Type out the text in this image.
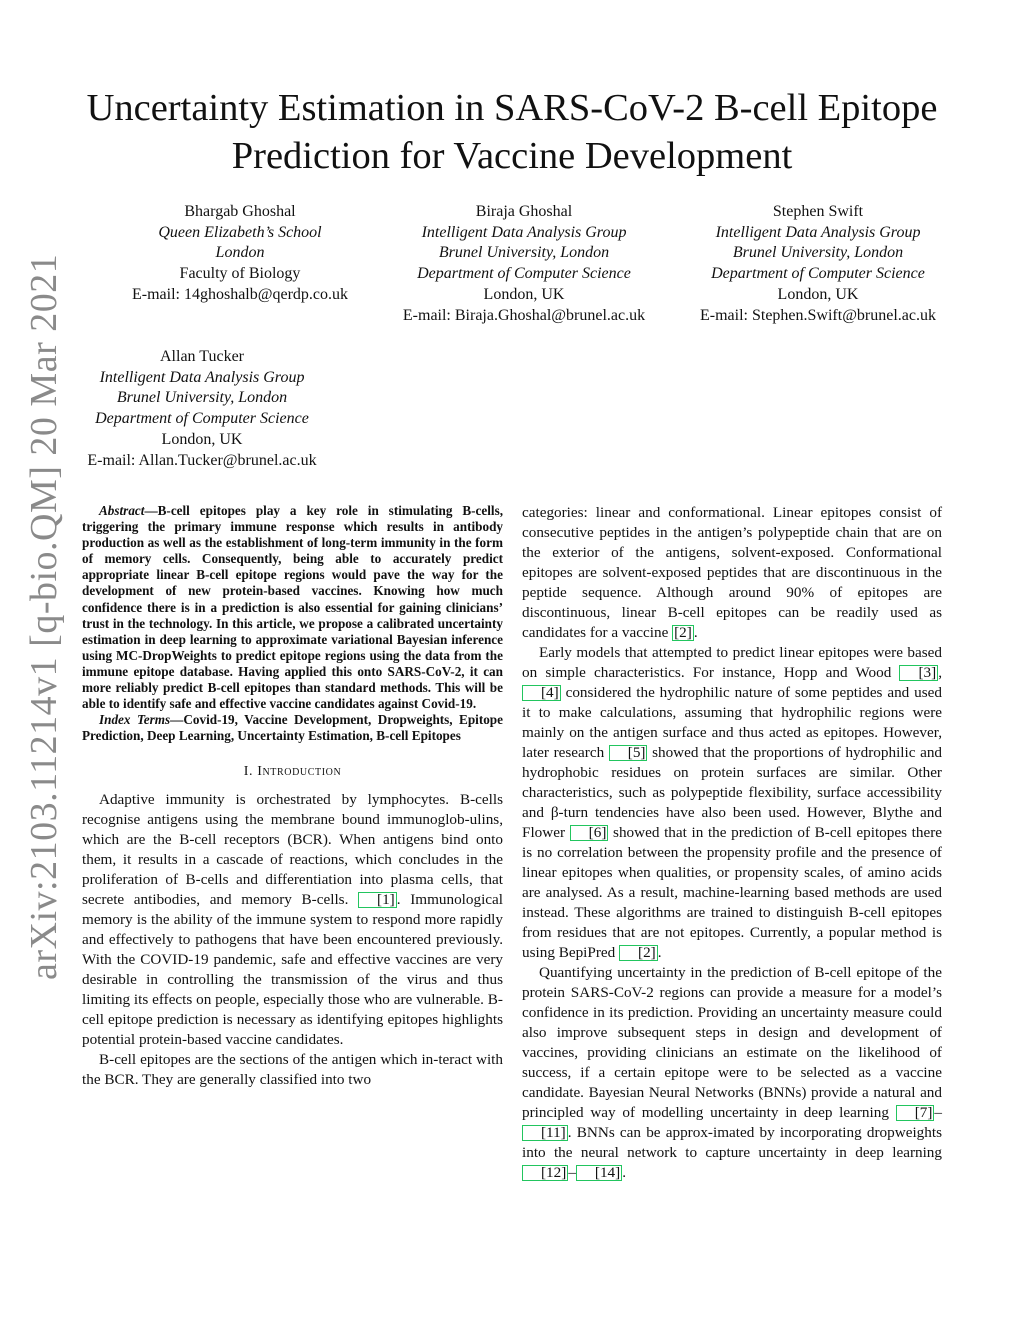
arXiv:2103.11214v1 [q-bio.QM] 20 Mar 2021
Uncertainty Estimation in SARS-CoV-2 B-cell Epitope Prediction for Vaccine Development
Bhargab Ghoshal
Queen Elizabeth’s School
London
Faculty of Biology
E-mail: 14ghoshalb@qerdp.co.uk
Biraja Ghoshal
Intelligent Data Analysis Group
Brunel University, London
Department of Computer Science
London, UK
E-mail: Biraja.Ghoshal@brunel.ac.uk
Stephen Swift
Intelligent Data Analysis Group
Brunel University, London
Department of Computer Science
London, UK
E-mail: Stephen.Swift@brunel.ac.uk
Allan Tucker
Intelligent Data Analysis Group
Brunel University, London
Department of Computer Science
London, UK
E-mail: Allan.Tucker@brunel.ac.uk

Abstract—B-cell epitopes play a key role in stimulating B-cells, triggering the primary immune response which results in antibody production as well as the establishment of long-term immunity in the form of memory cells. Consequently, being able to accurately predict appropriate linear B-cell epitope regions would pave the way for the development of new protein-based vaccines. Knowing how much confidence there is in a prediction is also essential for gaining clinicians’ trust in the technology. In this article, we propose a calibrated uncertainty estimation in deep learning to approximate variational Bayesian inference using MC-DropWeights to predict epitope regions using the data from the immune epitope database. Having applied this onto SARS-CoV-2, it can more reliably predict B-cell epitopes than standard methods. This will be able to identify safe and effective vaccine candidates against Covid-19.

Index Terms—Covid-19, Vaccine Development, Dropweights, Epitope Prediction, Deep Learning, Uncertainty Estimation, B-cell Epitopes

I. Introduction

Adaptive immunity is orchestrated by lymphocytes. B-cells recognise antigens using the membrane bound immunoglob-ulins, which are the B-cell receptors (BCR). When antigens bind onto them, it results in a cascade of reactions, which concludes in the proliferation of B-cells and differentiation into plasma cells, that secrete antibodies, and memory B-cells. [1] . Immunological memory is the ability of the immune system to respond more rapidly and effectively to pathogens that have been encountered previously. With the COVID-19 pandemic, safe and effective vaccines are very desirable in controlling the transmission of the virus and thus limiting its effects on people, especially those who are vulnerable. B-cell epitope prediction is necessary as identifying epitopes highlights potential protein-based vaccine candidates.

B-cell epitopes are the sections of the antigen which in-teract with the BCR. They are generally classified into two

categories: linear and conformational. Linear epitopes consist of consecutive peptides in the antigen’s polypeptide chain that are on the exterior of the antigens, solvent-exposed. Conformational epitopes are solvent-exposed peptides that are discontinuous in the peptide sequence. Although around 90% of epitopes are discontinuous, linear B-cell epitopes can be readily used as candidates for a vaccine [2] .

Early models that attempted to predict linear epitopes were based on simple characteristics. For instance, Hopp and Wood [3] , [4] considered the hydrophilic nature of some peptides and used it to make calculations, assuming that hydrophilic regions were mainly on the antigen surface and thus acted as epitopes. However, later research [5] showed that the proportions of hydrophilic and hydrophobic residues on protein surfaces are similar. Other characteristics, such as polypeptide flexibility, surface accessibility and β-turn tendencies have also been used. However, Blythe and Flower [6] showed that in the prediction of B-cell epitopes there is no correlation between the propensity profile and the presence of linear epitopes when qualities, or propensity scales, of amino acids are analysed. As a result, machine-learning based methods are used instead. These algorithms are trained to distinguish B-cell epitopes from residues that are not epitopes. Currently, a popular method is using BepiPred [2] .

Quantifying uncertainty in the prediction of B-cell epitope of the protein SARS-CoV-2 regions can provide a measure for a model’s confidence in its prediction. Providing an uncertainty measure could also improve subsequent steps in design and development of vaccines, providing clinicians an estimate on the likelihood of success, if a certain epitope were to be selected as a vaccine candidate. Bayesian Neural Networks (BNNs) provide a natural and principled way of modelling uncertainty in deep learning [7] –[11] . BNNs can be approx-imated by incorporating dropweights into the neural network to capture uncertainty in deep learning [12] – [14] .
